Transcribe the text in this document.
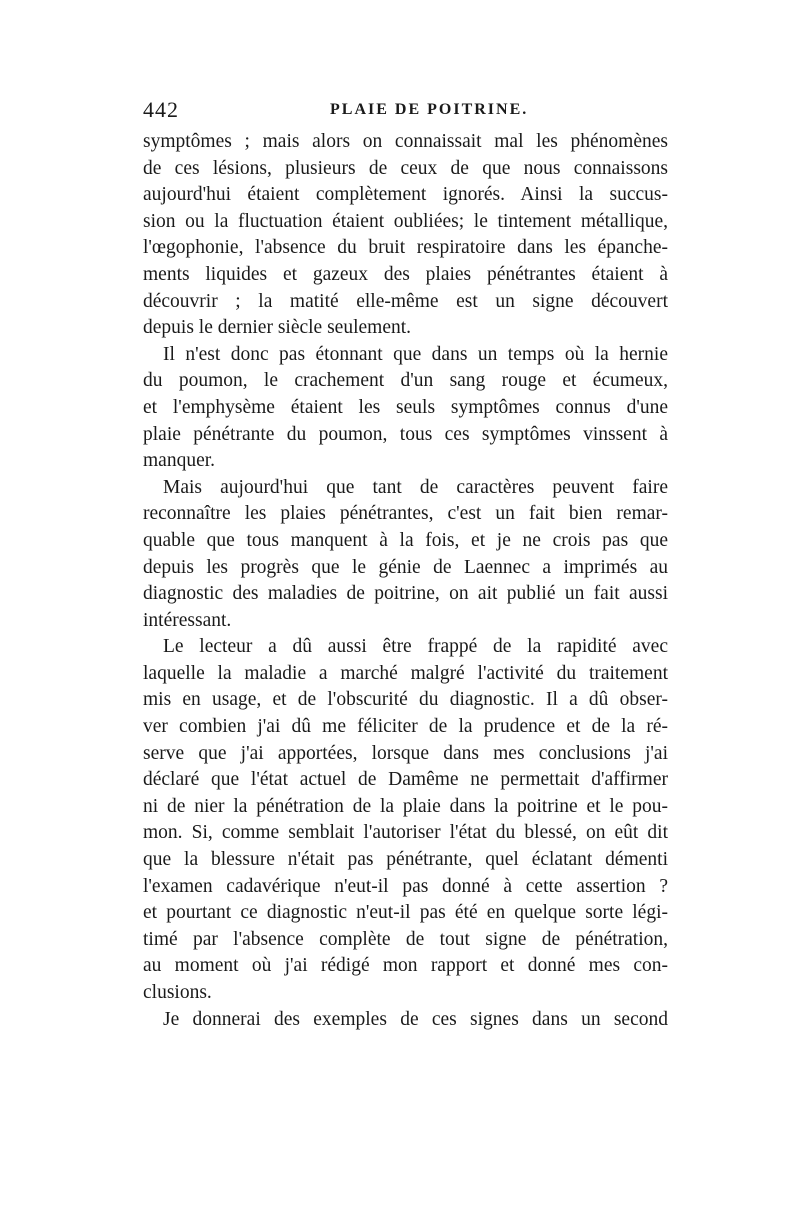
442	PLAIE DE POITRINE.
symptômes ; mais alors on connaissait mal les phénomènes
de ces lésions, plusieurs de ceux de que nous connaissons
aujourd'hui étaient complètement ignorés. Ainsi la succus-
sion ou la fluctuation étaient oubliées; le tintement métallique,
l'œgophonie, l'absence du bruit respiratoire dans les épanche-
ments liquides et gazeux des plaies pénétrantes étaient à
découvrir ; la matité elle-même est un signe découvert
depuis le dernier siècle seulement.
Il n'est donc pas étonnant que dans un temps où la hernie
du poumon, le crachement d'un sang rouge et écumeux,
et l'emphysème étaient les seuls symptômes connus d'une
plaie pénétrante du poumon, tous ces symptômes vinssent à
manquer.
Mais aujourd'hui que tant de caractères peuvent faire
reconnaître les plaies pénétrantes, c'est un fait bien remar-
quable que tous manquent à la fois, et je ne crois pas que
depuis les progrès que le génie de Laennec a imprimés au
diagnostic des maladies de poitrine, on ait publié un fait aussi
intéressant.
Le lecteur a dû aussi être frappé de la rapidité avec
laquelle la maladie a marché malgré l'activité du traitement
mis en usage, et de l'obscurité du diagnostic. Il a dû obser-
ver combien j'ai dû me féliciter de la prudence et de la ré-
serve que j'ai apportées, lorsque dans mes conclusions j'ai
déclaré que l'état actuel de Damême ne permettait d'affirmer
ni de nier la pénétration de la plaie dans la poitrine et le pou-
mon. Si, comme semblait l'autoriser l'état du blessé, on eût dit
que la blessure n'était pas pénétrante, quel éclatant démenti
l'examen cadavérique n'eut-il pas donné à cette assertion ?
et pourtant ce diagnostic n'eut-il pas été en quelque sorte légi-
timé par l'absence complète de tout signe de pénétration,
au moment où j'ai rédigé mon rapport et donné mes con-
clusions.
Je donnerai des exemples de ces signes dans un second
